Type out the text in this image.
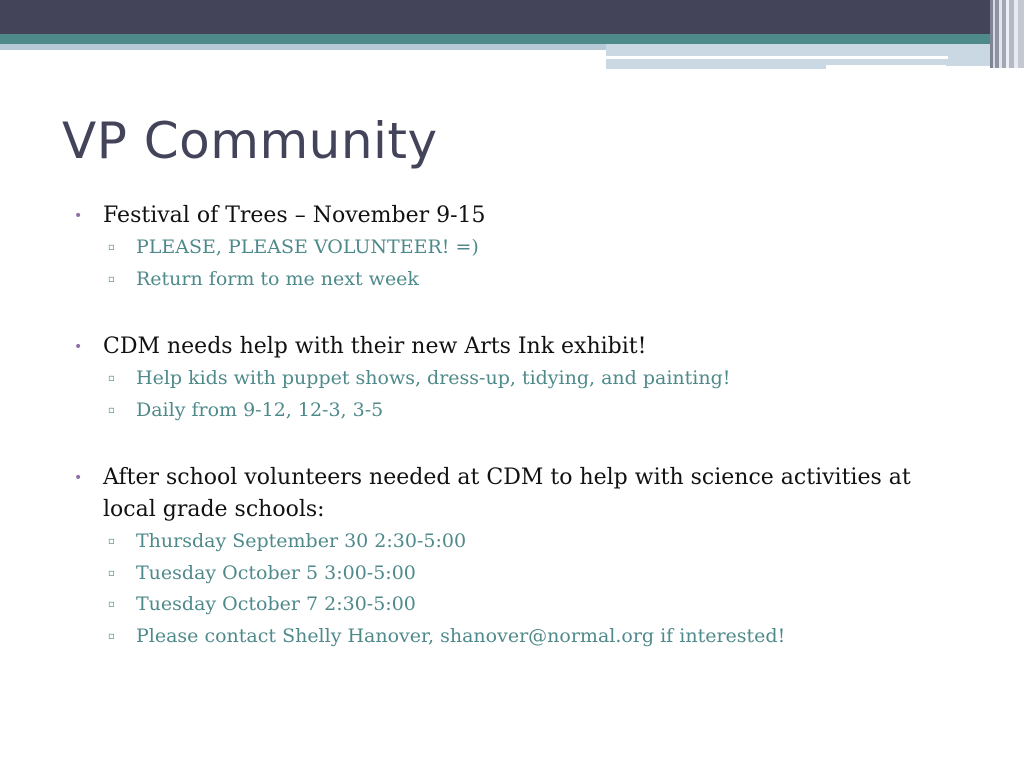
VP Community
• Festival of Trees – November 9-15
▫ PLEASE, PLEASE VOLUNTEER! =)
▫ Return form to me next week
• CDM needs help with their new Arts Ink exhibit!
▫ Help kids with puppet shows, dress-up, tidying, and painting!
▫ Daily from 9-12, 12-3, 3-5
• After school volunteers needed at CDM to help with science activities at local grade schools:
▫ Thursday September 30 2:30-5:00
▫ Tuesday October 5 3:00-5:00
▫ Tuesday October 7 2:30-5:00
▫ Please contact Shelly Hanover, shanover@normal.org if interested!
